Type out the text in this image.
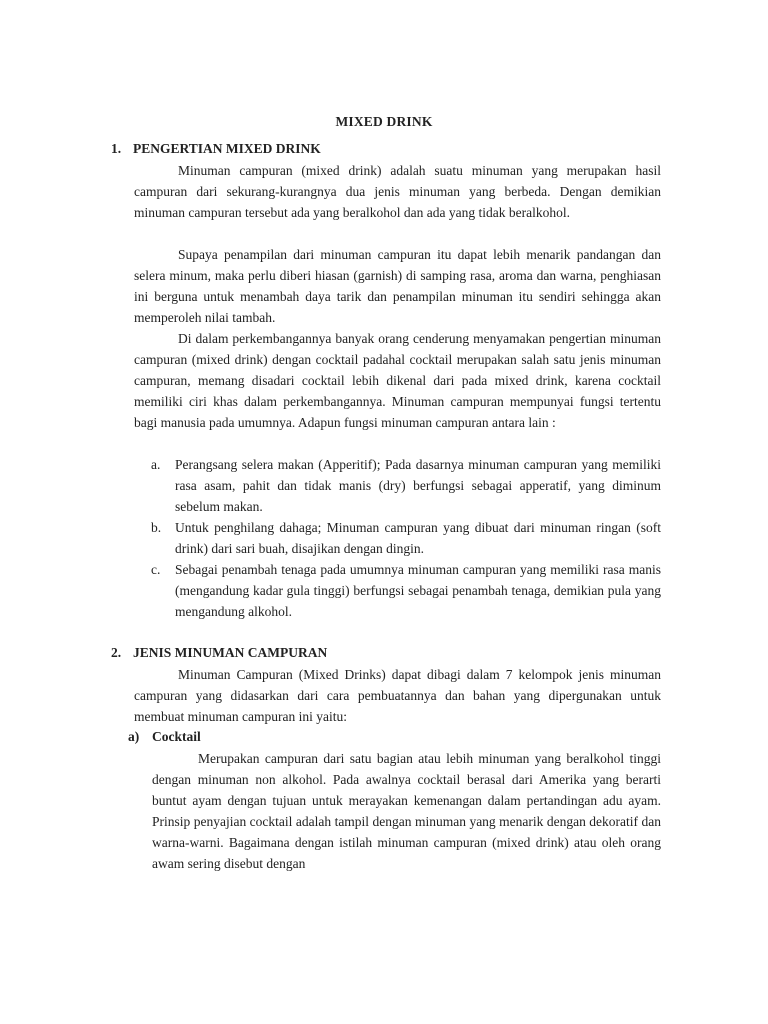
MIXED DRINK
1. PENGERTIAN MIXED DRINK

Minuman campuran (mixed drink) adalah suatu minuman yang merupakan hasil campuran dari sekurang-kurangnya dua jenis minuman yang berbeda. Dengan demikian minuman campuran tersebut ada yang beralkohol dan ada yang tidak beralkohol.

Supaya penampilan dari minuman campuran itu dapat lebih menarik pandangan dan selera minum, maka perlu diberi hiasan (garnish) di samping rasa, aroma dan warna, penghiasan ini berguna untuk menambah daya tarik dan penampilan minuman itu sendiri sehingga akan memperoleh nilai tambah.

Di dalam perkembangannya banyak orang cenderung menyamakan pengertian minuman campuran (mixed drink) dengan cocktail padahal cocktail merupakan salah satu jenis minuman campuran, memang disadari cocktail lebih dikenal dari pada mixed drink, karena cocktail memiliki ciri khas dalam perkembangannya. Minuman campuran mempunyai fungsi tertentu bagi manusia pada umumnya. Adapun fungsi minuman campuran antara lain :

a. Perangsang selera makan (Apperitif); Pada dasarnya minuman campuran yang memiliki rasa asam, pahit dan tidak manis (dry) berfungsi sebagai apperatif, yang diminum sebelum makan.
b. Untuk penghilang dahaga; Minuman campuran yang dibuat dari minuman ringan (soft drink) dari sari buah, disajikan dengan dingin.
c. Sebagai penambah tenaga pada umumnya minuman campuran yang memiliki rasa manis (mengandung kadar gula tinggi) berfungsi sebagai penambah tenaga, demikian pula yang mengandung alkohol.
2. JENIS MINUMAN CAMPURAN

Minuman Campuran (Mixed Drinks) dapat dibagi dalam 7 kelompok jenis minuman campuran yang didasarkan dari cara pembuatannya dan bahan yang dipergunakan untuk membuat minuman campuran ini yaitu:

a) Cocktail

Merupakan campuran dari satu bagian atau lebih minuman yang beralkohol tinggi dengan minuman non alkohol. Pada awalnya cocktail berasal dari Amerika yang berarti buntut ayam dengan tujuan untuk merayakan kemenangan dalam pertandingan adu ayam. Prinsip penyajian cocktail adalah tampil dengan minuman yang menarik dengan dekoratif dan warna-warni. Bagaimana dengan istilah minuman campuran (mixed drink) atau oleh orang awam sering disebut dengan
